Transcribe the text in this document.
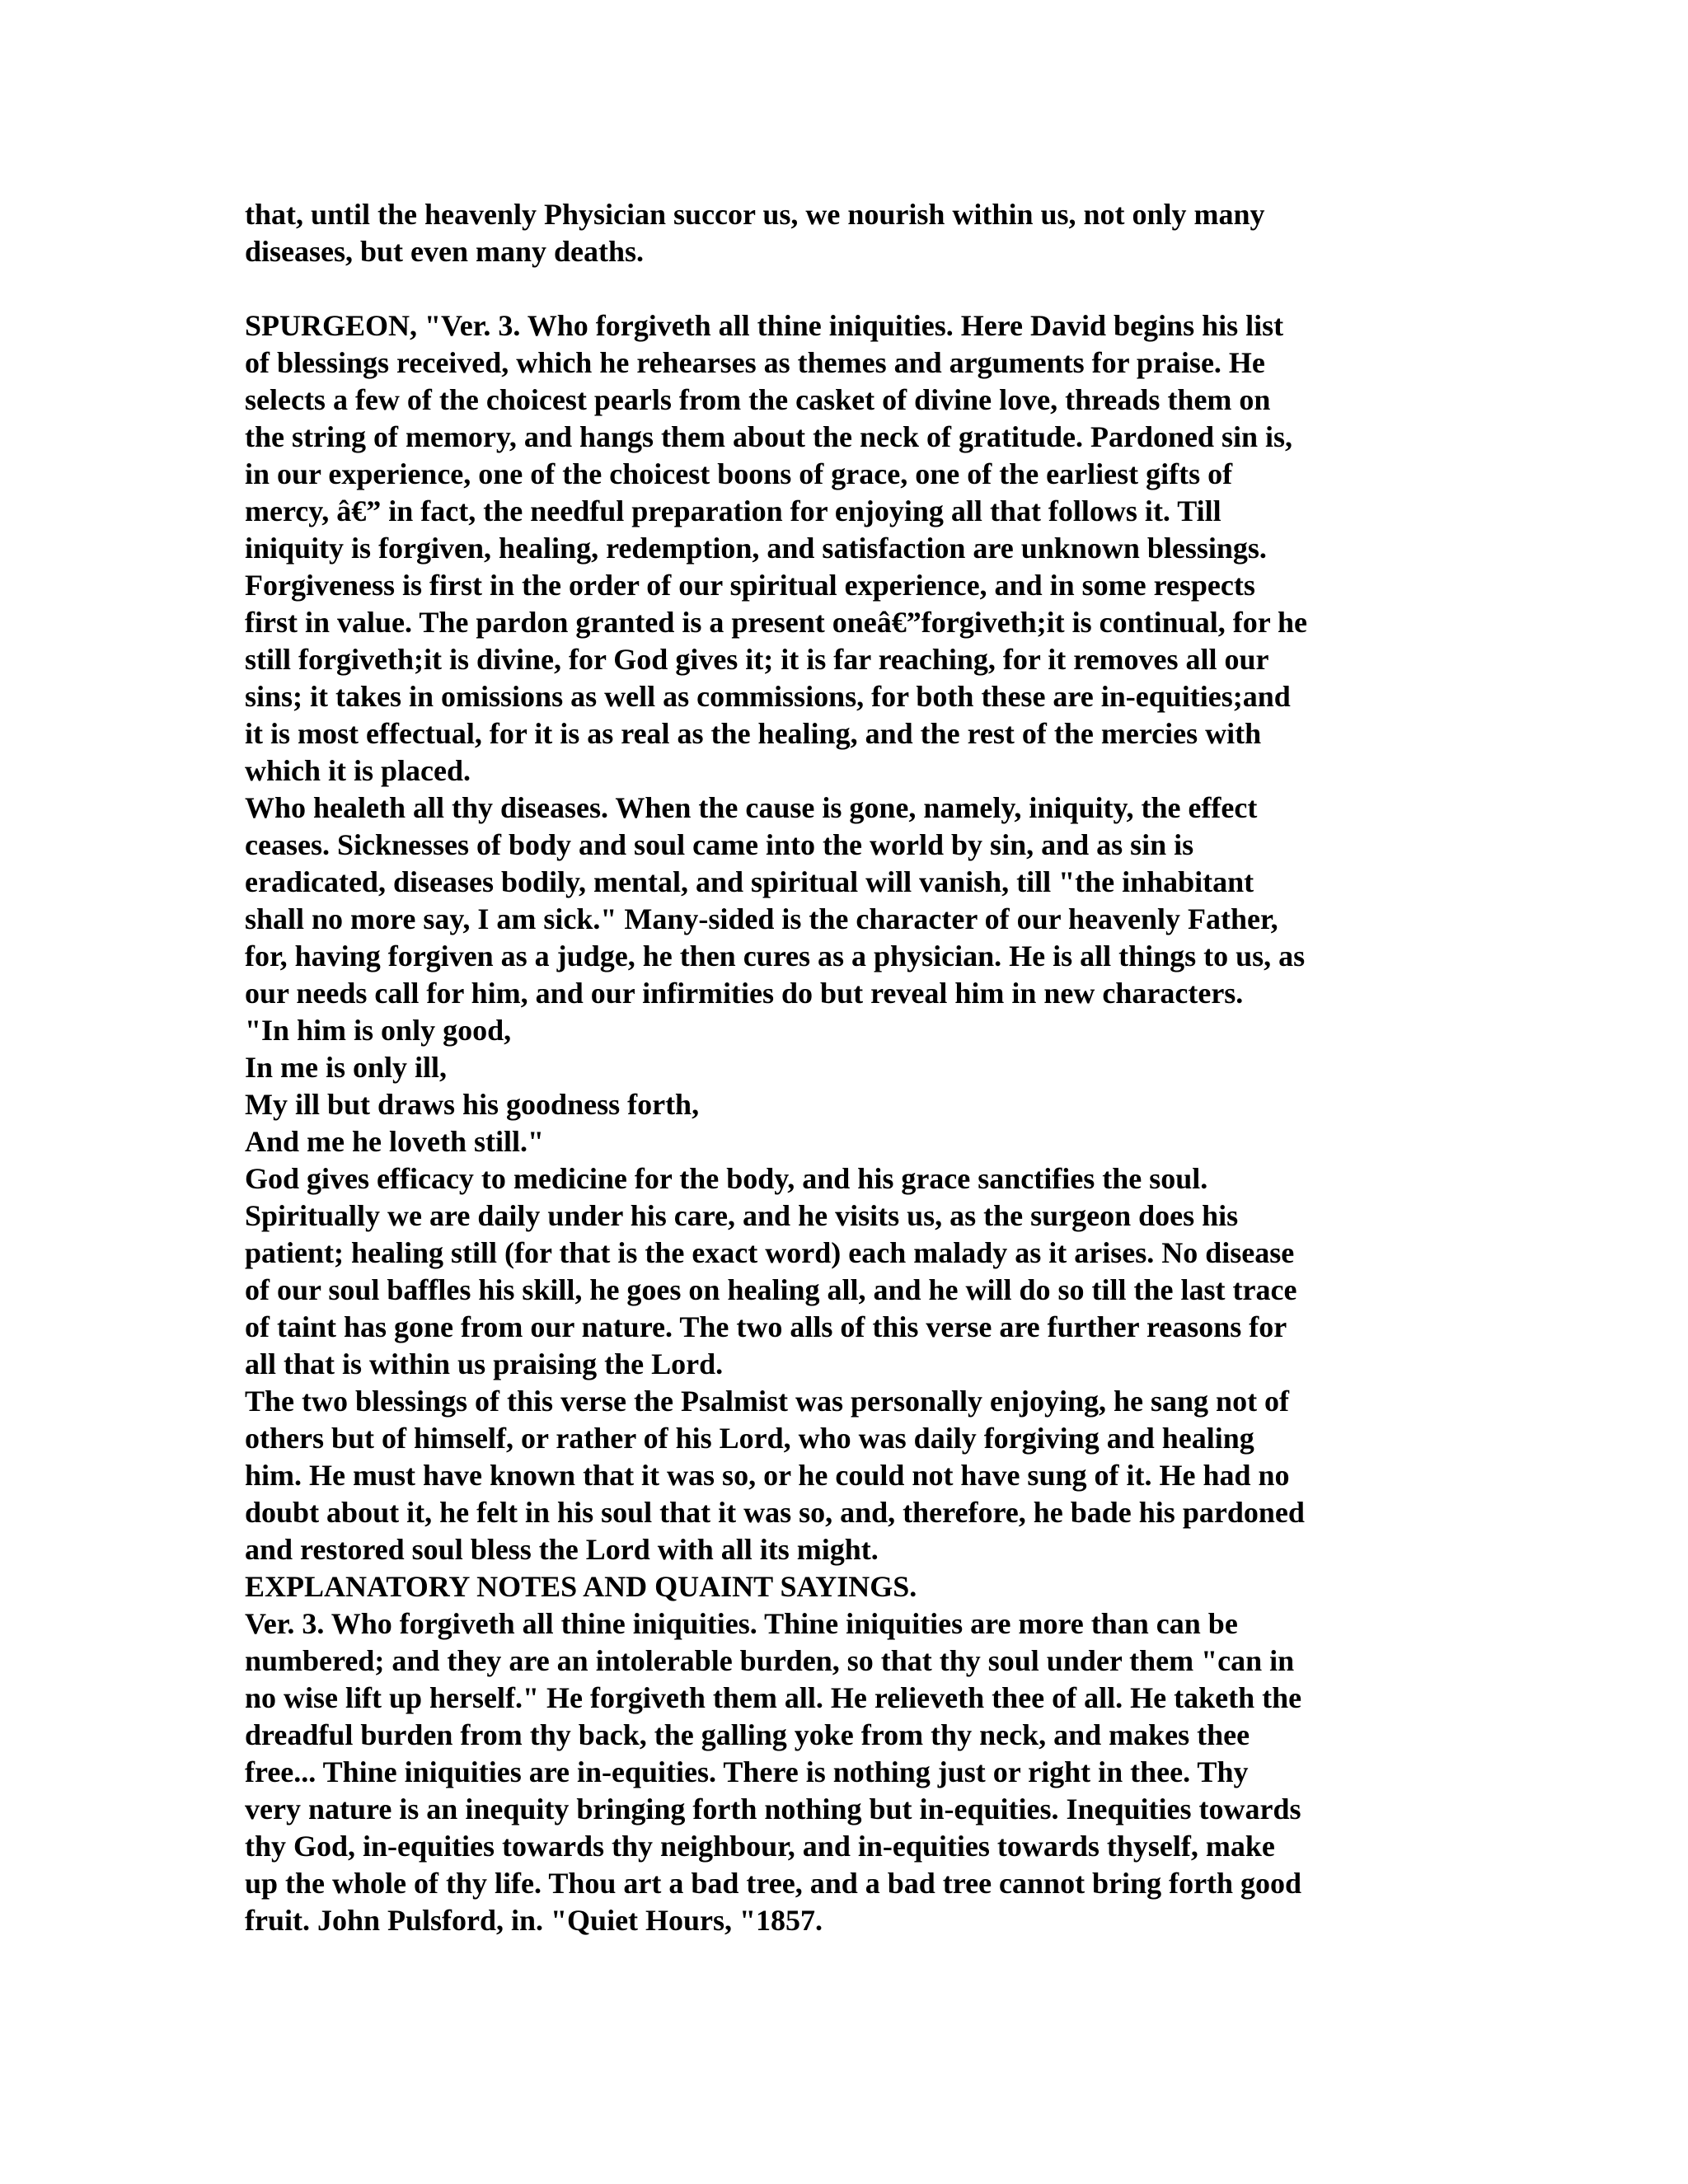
that, until the heavenly Physician succor us, we nourish within us, not only many
diseases, but even many deaths.
SPURGEON, "Ver. 3. Who forgiveth all thine iniquities. Here David begins his list
of blessings received, which he rehearses as themes and arguments for praise. He
selects a few of the choicest pearls from the casket of divine love, threads them on
the string of memory, and hangs them about the neck of gratitude. Pardoned sin is,
in our experience, one of the choicest boons of grace, one of the earliest gifts of
mercy, â€” in fact, the needful preparation for enjoying all that follows it. Till
iniquity is forgiven, healing, redemption, and satisfaction are unknown blessings.
Forgiveness is first in the order of our spiritual experience, and in some respects
first in value. The pardon granted is a present oneâ€”forgiveth;it is continual, for he
still forgiveth;it is divine, for God gives it; it is far reaching, for it removes all our
sins; it takes in omissions as well as commissions, for both these are in-equities;and
it is most effectual, for it is as real as the healing, and the rest of the mercies with
which it is placed.
Who healeth all thy diseases. When the cause is gone, namely, iniquity, the effect
ceases. Sicknesses of body and soul came into the world by sin, and as sin is
eradicated, diseases bodily, mental, and spiritual will vanish, till "the inhabitant
shall no more say, I am sick." Many-sided is the character of our heavenly Father,
for, having forgiven as a judge, he then cures as a physician. He is all things to us, as
our needs call for him, and our infirmities do but reveal him in new characters.
"In him is only good,
In me is only ill,
My ill but draws his goodness forth,
And me he loveth still."
God gives efficacy to medicine for the body, and his grace sanctifies the soul.
Spiritually we are daily under his care, and he visits us, as the surgeon does his
patient; healing still (for that is the exact word) each malady as it arises. No disease
of our soul baffles his skill, he goes on healing all, and he will do so till the last trace
of taint has gone from our nature. The two alls of this verse are further reasons for
all that is within us praising the Lord.
The two blessings of this verse the Psalmist was personally enjoying, he sang not of
others but of himself, or rather of his Lord, who was daily forgiving and healing
him. He must have known that it was so, or he could not have sung of it. He had no
doubt about it, he felt in his soul that it was so, and, therefore, he bade his pardoned
and restored soul bless the Lord with all its might.
EXPLANATORY NOTES AND QUAINT SAYINGS.
Ver. 3. Who forgiveth all thine iniquities. Thine iniquities are more than can be
numbered; and they are an intolerable burden, so that thy soul under them "can in
no wise lift up herself." He forgiveth them all. He relieveth thee of all. He taketh the
dreadful burden from thy back, the galling yoke from thy neck, and makes thee
free... Thine iniquities are in-equities. There is nothing just or right in thee. Thy
very nature is an inequity bringing forth nothing but in-equities. Inequities towards
thy God, in-equities towards thy neighbour, and in-equities towards thyself, make
up the whole of thy life. Thou art a bad tree, and a bad tree cannot bring forth good
fruit. John Pulsford, in. "Quiet Hours, "1857.
